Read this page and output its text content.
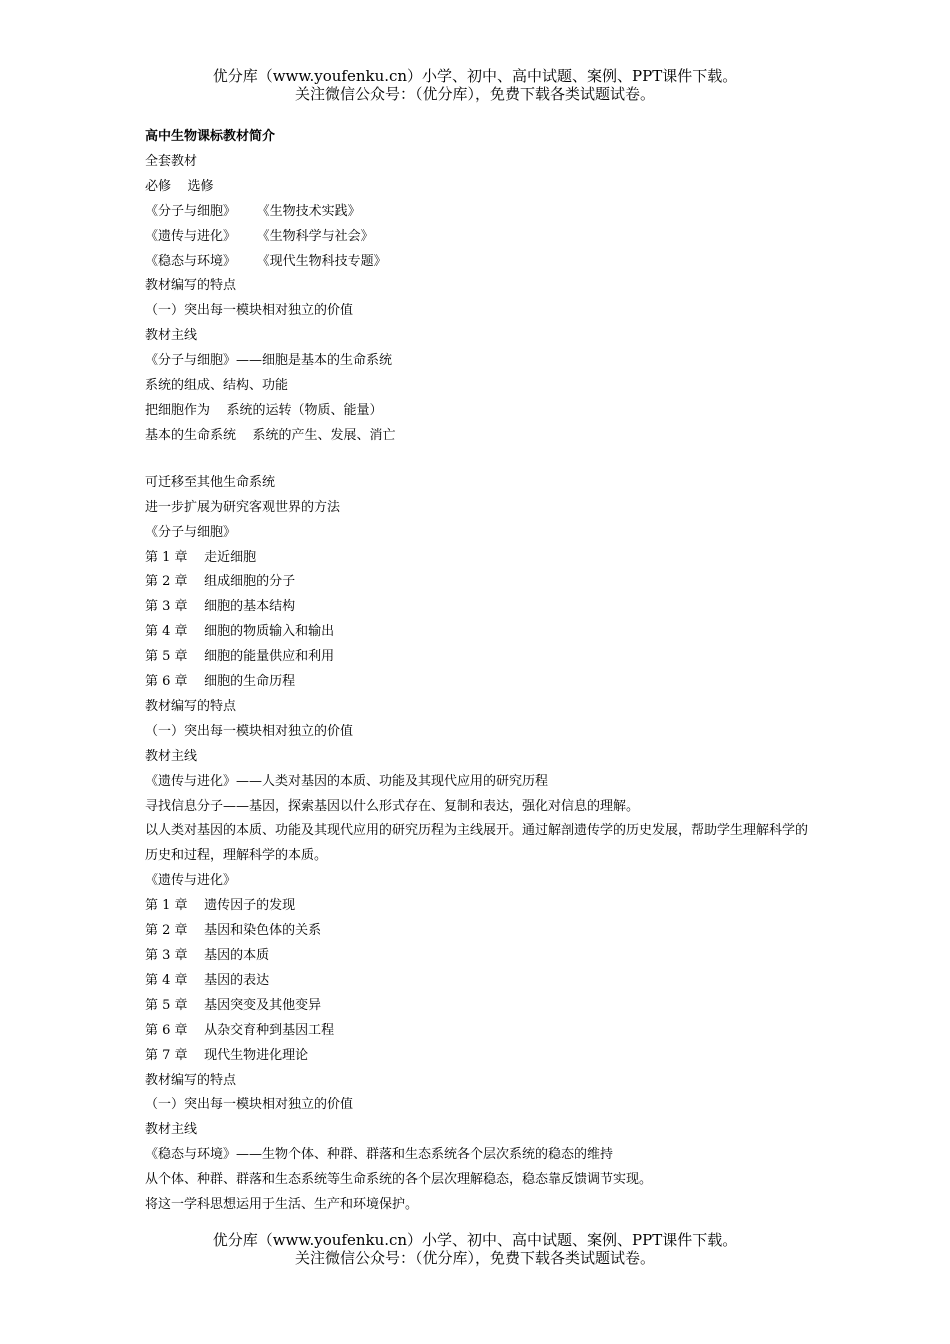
优分库（www.youfenku.cn）小学、初中、高中试题、案例、PPT课件下载。
关注微信公众号：（优分库），免费下载各类试题试卷。
高中生物课标教材简介
全套教材
必修    选修
《分子与细胞》     《生物技术实践》
《遗传与进化》     《生物科学与社会》
《稳态与环境》     《现代生物科技专题》
教材编写的特点
（一）突出每一模块相对独立的价值
教材主线
《分子与细胞》——细胞是基本的生命系统
系统的组成、结构、功能
把细胞作为    系统的运转（物质、能量）
基本的生命系统    系统的产生、发展、消亡
可迁移至其他生命系统
进一步扩展为研究客观世界的方法
《分子与细胞》
第 1 章    走近细胞
第 2 章    组成细胞的分子
第 3 章    细胞的基本结构
第 4 章    细胞的物质输入和输出
第 5 章    细胞的能量供应和利用
第 6 章    细胞的生命历程
教材编写的特点
（一）突出每一模块相对独立的价值
教材主线
《遗传与进化》——人类对基因的本质、功能及其现代应用的研究历程
寻找信息分子——基因，探索基因以什么形式存在、复制和表达，强化对信息的理解。
以人类对基因的本质、功能及其现代应用的研究历程为主线展开。通过解剖遗传学的历史发展，帮助学生理解科学的历史和过程，理解科学的本质。
《遗传与进化》
第 1 章    遗传因子的发现
第 2 章    基因和染色体的关系
第 3 章    基因的本质
第 4 章    基因的表达
第 5 章    基因突变及其他变异
第 6 章    从杂交育种到基因工程
第 7 章    现代生物进化理论
教材编写的特点
（一）突出每一模块相对独立的价值
教材主线
《稳态与环境》——生物个体、种群、群落和生态系统各个层次系统的稳态的维持
从个体、种群、群落和生态系统等生命系统的各个层次理解稳态，稳态靠反馈调节实现。
将这一学科思想运用于生活、生产和环境保护。
优分库（www.youfenku.cn）小学、初中、高中试题、案例、PPT课件下载。
关注微信公众号：（优分库），免费下载各类试题试卷。
